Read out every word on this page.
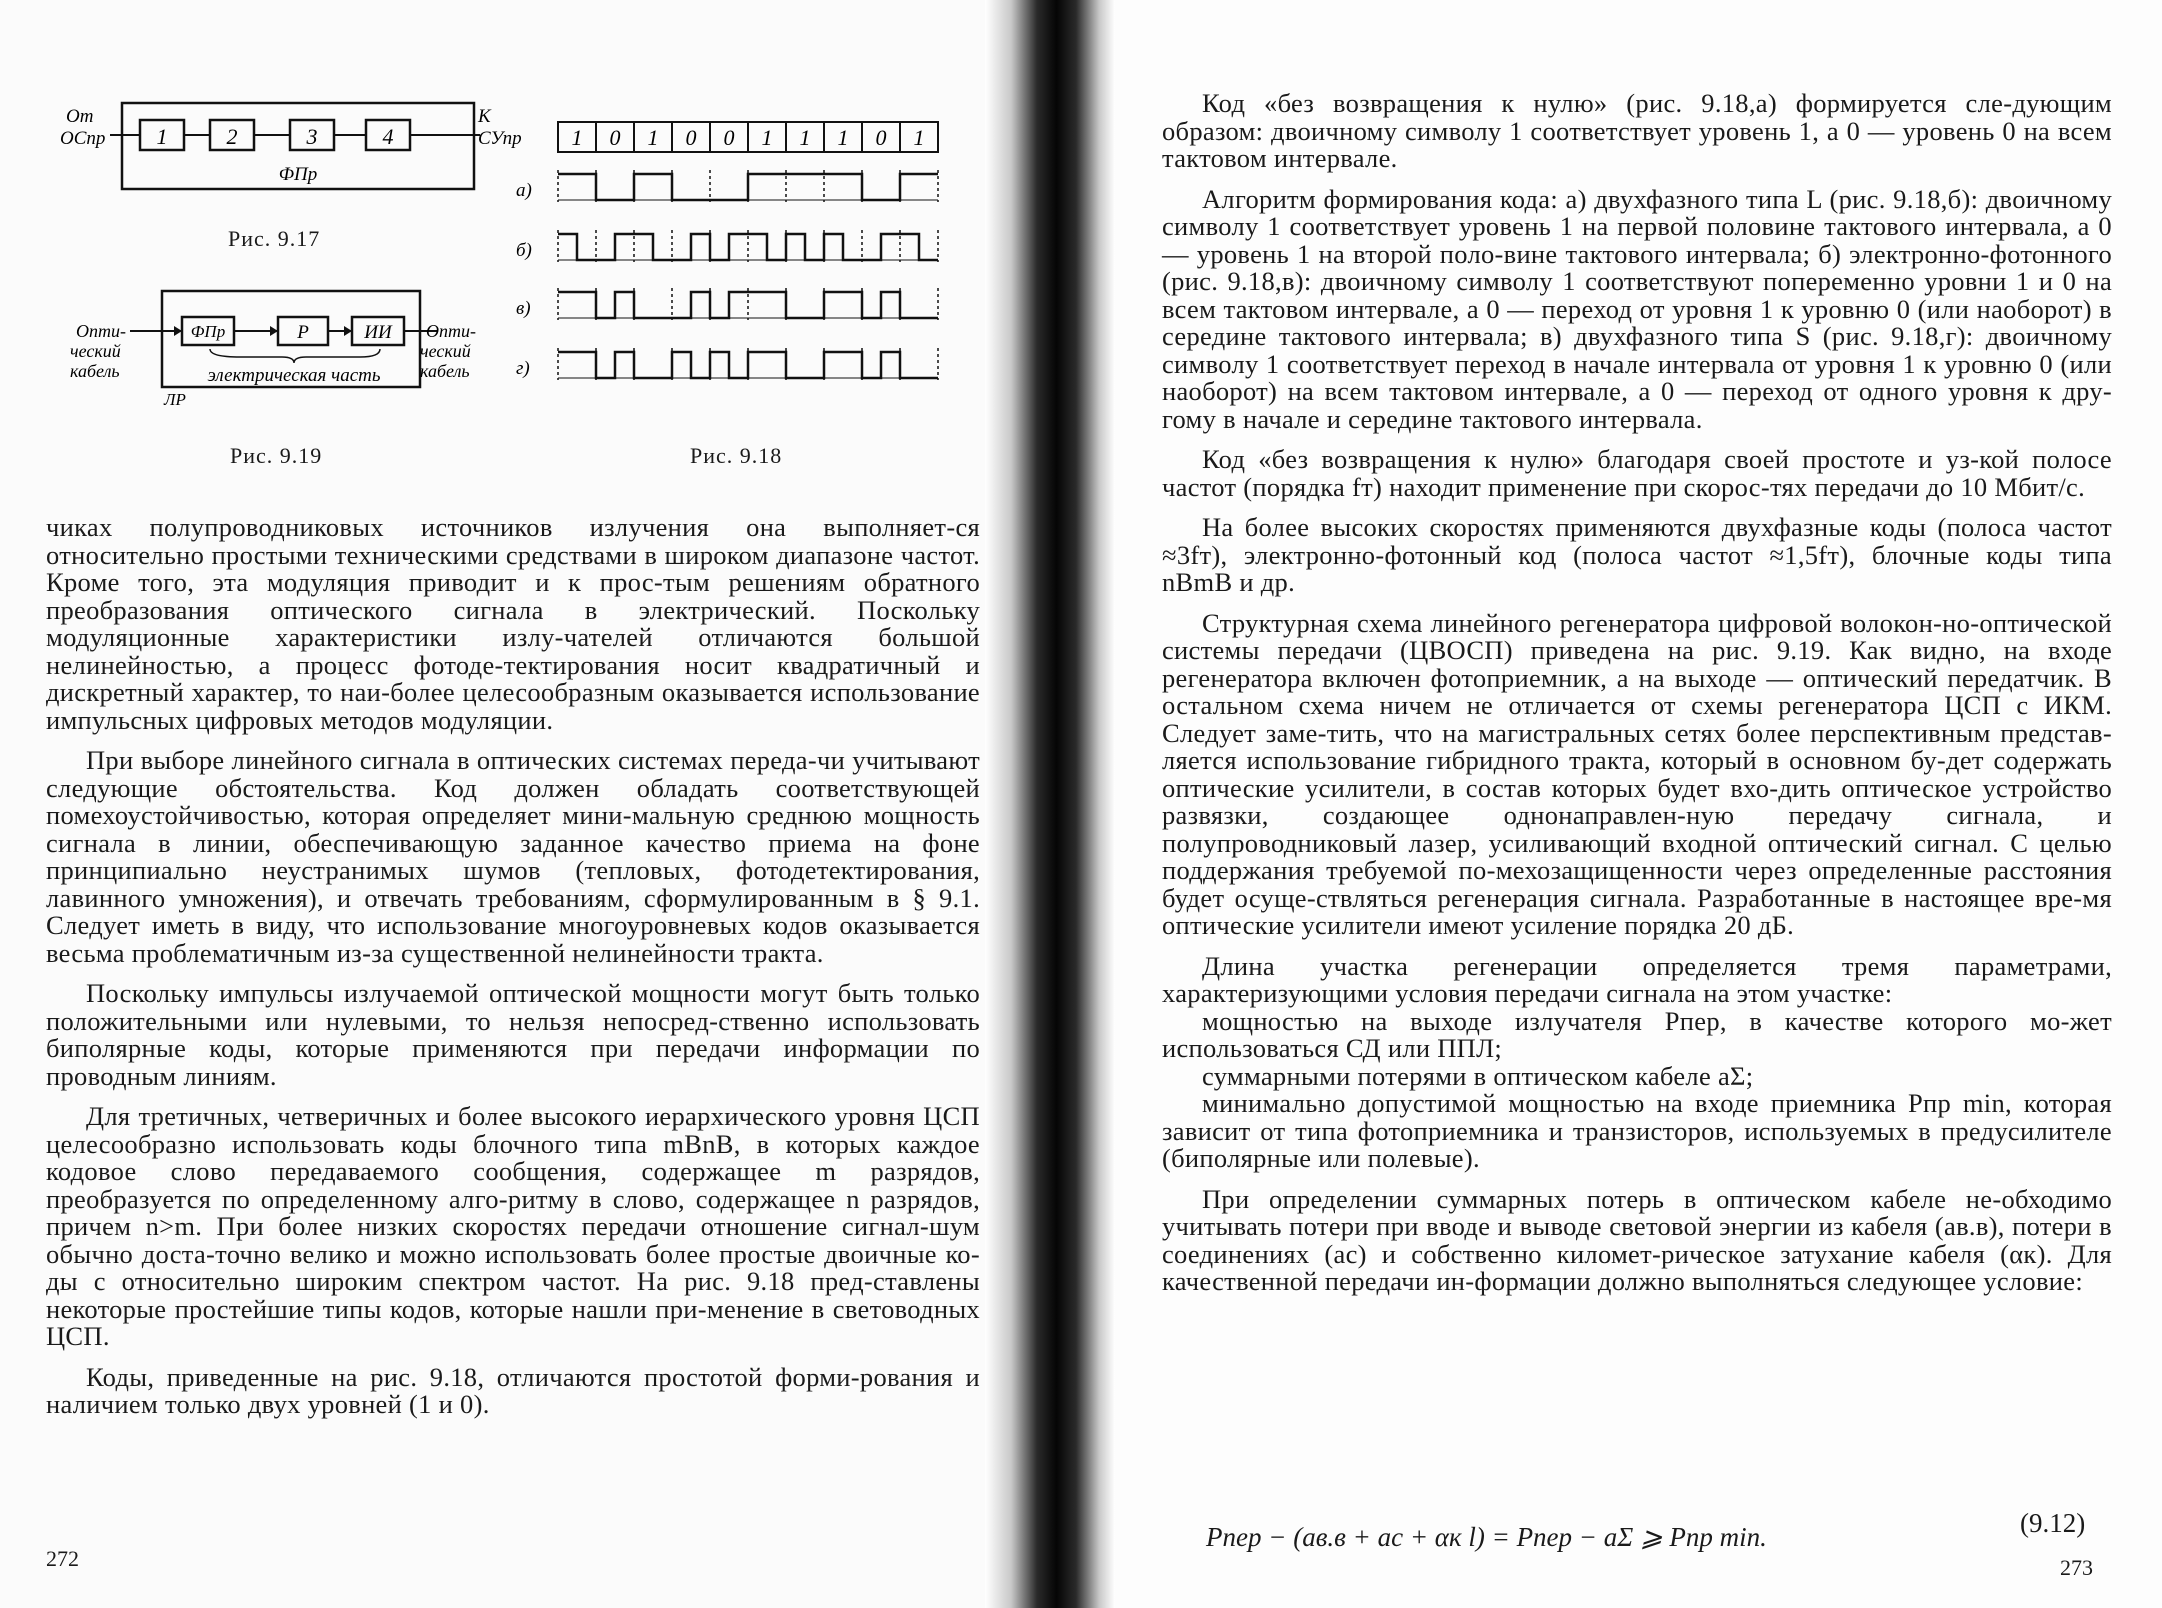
1	2	3	4
ФПр
От
ОСпр
К
СУпр
Рис. 9.17
ФПр	Р	ИИ
электрическая часть
ЛР
Опти-
ческий
кабель
Опти-
ческий
кабель
Рис. 9.19
1 0 1 0 0 1 1 1 0 1
а)
б)
в)
г)
Рис. 9.18

чиках полупроводниковых источников излучения она выполняет-ся относительно простыми техническими средствами в широком диапазоне частот. Кроме того, эта модуляция приводит и к прос-тым решениям обратного преобразования оптического сигнала в электрический. Поскольку модуляционные характеристики излу-чателей отличаются большой нелинейностью, а процесс фотоде-тектирования носит квадратичный и дискретный характер, то наи-более целесообразным оказывается использование импульсных цифровых методов модуляции.

При выборе линейного сигнала в оптических системах переда-чи учитывают следующие обстоятельства. Код должен обладать соответствующей помехоустойчивостью, которая определяет мини-мальную среднюю мощность сигнала в линии, обеспечивающую заданное качество приема на фоне принципиально неустранимых шумов (тепловых, фотодетектирования, лавинного умножения), и отвечать требованиям, сформулированным в § 9.1. Следует иметь в виду, что использование многоуровневых кодов оказывается весьма проблематичным из-за существенной нелинейности тракта.

Поскольку импульсы излучаемой оптической мощности могут быть только положительными или нулевыми, то нельзя непосред-ственно использовать биполярные коды, которые применяются при передачи информации по проводным линиям.

Для третичных, четверичных и более высокого иерархического уровня ЦСП целесообразно использовать коды блочного типа mBnB, в которых каждое кодовое слово передаваемого сообщения, содержащее m разрядов, преобразуется по определенному алго-ритму в слово, содержащее n разрядов, причем n>m. При более низких скоростях передачи отношение сигнал-шум обычно доста-точно велико и можно использовать более простые двоичные ко-ды с относительно широким спектром частот. На рис. 9.18 пред-ставлены некоторые простейшие типы кодов, которые нашли при-менение в световодных ЦСП.

Коды, приведенные на рис. 9.18, отличаются простотой форми-рования и наличием только двух уровней (1 и 0).

272

Код «без возвращения к нулю» (рис. 9.18,а) формируется сле-дующим образом: двоичному символу 1 соответствует уровень 1, а 0 — уровень 0 на всем тактовом интервале.

Алгоритм формирования кода: а) двухфазного типа L (рис. 9.18,б): двоичному символу 1 соответствует уровень 1 на первой половине тактового интервала, а 0 — уровень 1 на второй поло-вине тактового интервала; б) электронно-фотонного (рис. 9.18,в): двоичному символу 1 соответствуют попеременно уровни 1 и 0 на всем тактовом интервале, а 0 — переход от уровня 1 к уровню 0 (или наоборот) в середине тактового интервала; в) двухфазного типа S (рис. 9.18,г): двоичному символу 1 соответствует переход в начале интервала от уровня 1 к уровню 0 (или наоборот) на всем тактовом интервале, а 0 — переход от одного уровня к дру-гому в начале и середине тактового интервала.

Код «без возвращения к нулю» благодаря своей простоте и уз-кой полосе частот (порядка fт) находит применение при скорос-тях передачи до 10 Мбит/с.

На более высоких скоростях применяются двухфазные коды (полоса частот ≈3fт), электронно-фотонный код (полоса частот ≈1,5fт), блочные коды типа nBmB и др.

Структурная схема линейного регенератора цифровой волокон-но-оптической системы передачи (ЦВОСП) приведена на рис. 9.19. Как видно, на входе регенератора включен фотоприемник, а на выходе — оптический передатчик. В остальном схема ничем не отличается от схемы регенератора ЦСП с ИКМ. Следует заме-тить, что на магистральных сетях более перспективным представ-ляется использование гибридного тракта, который в основном бу-дет содержать оптические усилители, в состав которых будет вхо-дить оптическое устройство развязки, создающее однонаправлен-ную передачу сигнала, и полупроводниковый лазер, усиливающий входной оптический сигнал. С целью поддержания требуемой по-мехозащищенности через определенные расстояния будет осуще-ствляться регенерация сигнала. Разработанные в настоящее вре-мя оптические усилители имеют усиление порядка 20 дБ.

Длина участка регенерации определяется тремя параметрами, характеризующими условия передачи сигнала на этом участке:

мощностью на выходе излучателя Pпер, в качестве которого мо-жет использоваться СД или ППЛ;

суммарными потерями в оптическом кабеле aΣ;

минимально допустимой мощностью на входе приемника Pпр min, которая зависит от типа фотоприемника и транзисторов, используемых в предусилителе (биполярные или полевые).

При определении суммарных потерь в оптическом кабеле не-обходимо учитывать потери при вводе и выводе световой энергии из кабеля (aв.в), потери в соединениях (aс) и собственно километ-рическое затухание кабеля (αк). Для качественной передачи ин-формации должно выполняться следующее условие:

Pпер − (aв.в + aс + αк l) = Pпер − aΣ ⩾ Pпр min.	(9.12)
273
